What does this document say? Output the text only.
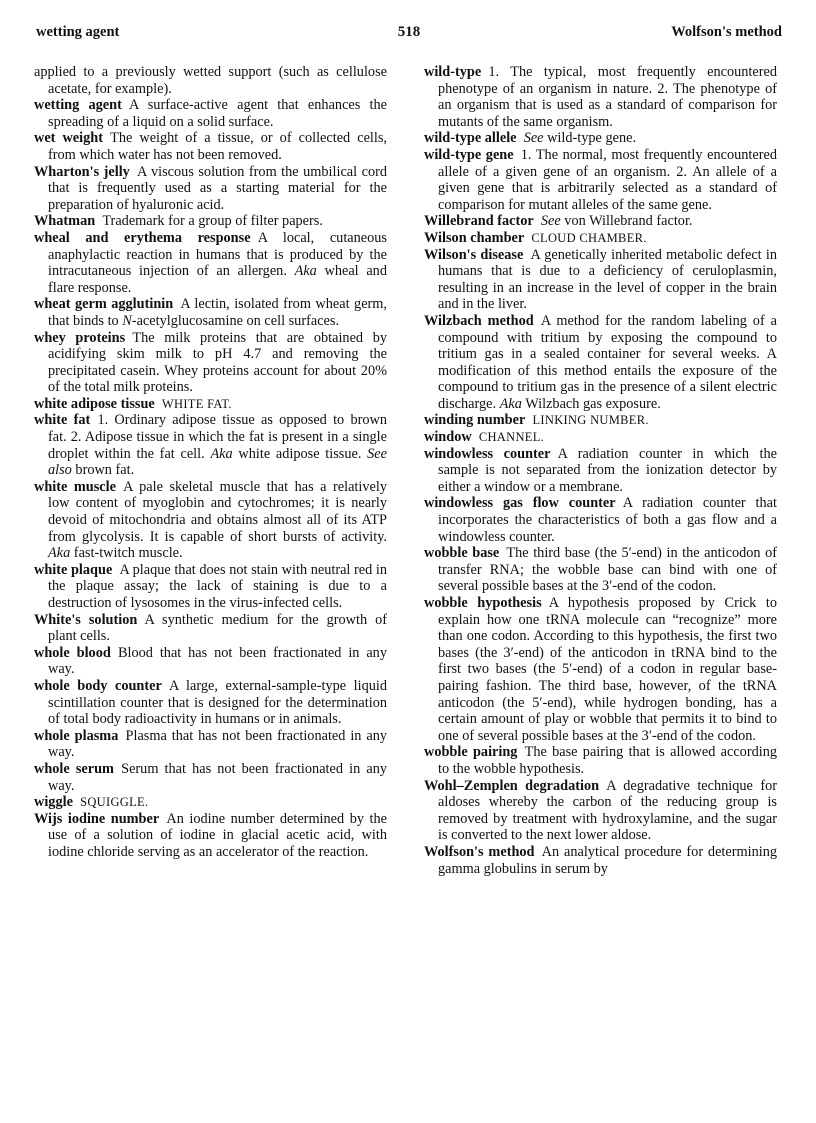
wetting agent	518	Wolfson's method

applied to a previously wetted support (such as cellulose acetate, for example).

wetting agent  A surface-active agent that enhances the spreading of a liquid on a solid surface.

wet weight  The weight of a tissue, or of collected cells, from which water has not been removed.

Wharton's jelly  A viscous solution from the umbilical cord that is frequently used as a starting material for the preparation of hyaluronic acid.

Whatman  Trademark for a group of filter papers.

wheal and erythema response  A local, cutaneous anaphylactic reaction in humans that is produced by the intracutaneous injection of an allergen. Aka wheal and flare response.

wheat germ agglutinin  A lectin, isolated from wheat germ, that binds to N-acetylglucosamine on cell surfaces.

whey proteins  The milk proteins that are obtained by acidifying skim milk to pH 4.7 and removing the precipitated casein. Whey proteins account for about 20% of the total milk proteins.

white adipose tissue  WHITE FAT.

white fat  1. Ordinary adipose tissue as opposed to brown fat. 2. Adipose tissue in which the fat is present in a single droplet within the fat cell. Aka white adipose tissue. See also brown fat.

white muscle  A pale skeletal muscle that has a relatively low content of myoglobin and cytochromes; it is nearly devoid of mitochondria and obtains almost all of its ATP from glycolysis. It is capable of short bursts of activity. Aka fast-twitch muscle.

white plaque  A plaque that does not stain with neutral red in the plaque assay; the lack of staining is due to a destruction of lysosomes in the virus-infected cells.

White's solution  A synthetic medium for the growth of plant cells.

whole blood  Blood that has not been fractionated in any way.

whole body counter  A large, external-sample-type liquid scintillation counter that is designed for the determination of total body radioactivity in humans or in animals.

whole plasma  Plasma that has not been fractionated in any way.

whole serum  Serum that has not been fractionated in any way.

wiggle  SQUIGGLE.

Wijs iodine number  An iodine number determined by the use of a solution of iodine in glacial acetic acid, with iodine chloride serving as an accelerator of the reaction.

wild-type  1. The typical, most frequently encountered phenotype of an organism in nature. 2. The phenotype of an organism that is used as a standard of comparison for mutants of the same organism.

wild-type allele  See wild-type gene.

wild-type gene  1. The normal, most frequently encountered allele of a given gene of an organism. 2. An allele of a given gene that is arbitrarily selected as a standard of comparison for mutant alleles of the same gene.

Willebrand factor  See von Willebrand factor.

Wilson chamber  CLOUD CHAMBER.

Wilson's disease  A genetically inherited metabolic defect in humans that is due to a deficiency of ceruloplasmin, resulting in an increase in the level of copper in the brain and in the liver.

Wilzbach method  A method for the random labeling of a compound with tritium by exposing the compound to tritium gas in a sealed container for several weeks. A modification of this method entails the exposure of the compound to tritium gas in the presence of a silent electric discharge. Aka Wilzbach gas exposure.

winding number  LINKING NUMBER.

window  CHANNEL.

windowless counter  A radiation counter in which the sample is not separated from the ionization detector by either a window or a membrane.

windowless gas flow counter  A radiation counter that incorporates the characteristics of both a gas flow and a windowless counter.

wobble base  The third base (the 5′-end) in the anticodon of transfer RNA; the wobble base can bind with one of several possible bases at the 3′-end of the codon.

wobble hypothesis  A hypothesis proposed by Crick to explain how one tRNA molecule can “recognize” more than one codon. According to this hypothesis, the first two bases (the 3′-end) of the anticodon in tRNA bind to the first two bases (the 5′-end) of a codon in regular base-pairing fashion. The third base, however, of the tRNA anticodon (the 5′-end), while hydrogen bonding, has a certain amount of play or wobble that permits it to bind to one of several possible bases at the 3′-end of the codon.

wobble pairing  The base pairing that is allowed according to the wobble hypothesis.

Wohl–Zemplen degradation  A degradative technique for aldoses whereby the carbon of the reducing group is removed by treatment with hydroxylamine, and the sugar is converted to the next lower aldose.

Wolfson's method  An analytical procedure for determining gamma globulins in serum by
